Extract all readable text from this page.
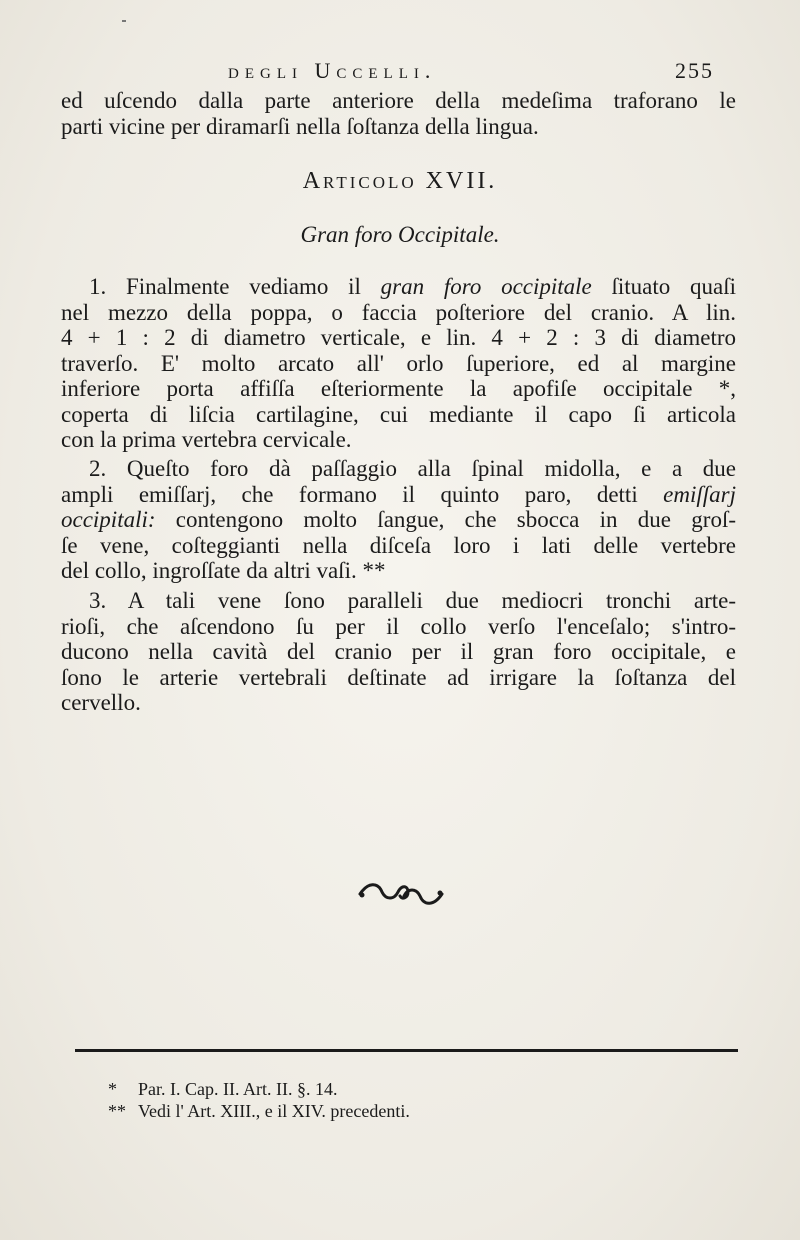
degli Uccelli.	255
ed uſcendo dalla parte anteriore della medeſima traforano le
parti vicine per diramarſi nella ſoſtanza della lingua.
Articolo XVII.
Gran foro Occipitale.
1. Finalmente vediamo il gran foro occipitale ſituato quaſi
nel mezzo della poppa, o faccia poſteriore del cranio. A lin.
4 + 1 : 2 di diametro verticale, e lin. 4 + 2 : 3 di diametro
traverſo. E' molto arcato all' orlo ſuperiore, ed al margine
inferiore porta affiſſa eſteriormente la apofiſe occipitale *,
coperta di liſcia cartilagine, cui mediante il capo ſi articola
con la prima vertebra cervicale.
2. Queſto foro dà paſſaggio alla ſpinal midolla, e a due
ampli emiſſarj, che formano il quinto paro, detti emiſſarj
occipitali: contengono molto ſangue, che sbocca in due groſ-
ſe vene, coſteggianti nella diſceſa loro i lati delle vertebre
del collo, ingroſſate da altri vaſi. **
3. A tali vene ſono paralleli due mediocri tronchi arte-
rioſi, che aſcendono ſu per il collo verſo l'enceſalo; s'intro-
ducono nella cavità del cranio per il gran foro occipitale, e
ſono le arterie vertebrali deſtinate ad irrigare la ſoſtanza del
cervello.
* Par. I. Cap. II. Art. II. §. 14.
** Vedi l' Art. XIII., e il XIV. precedenti.
